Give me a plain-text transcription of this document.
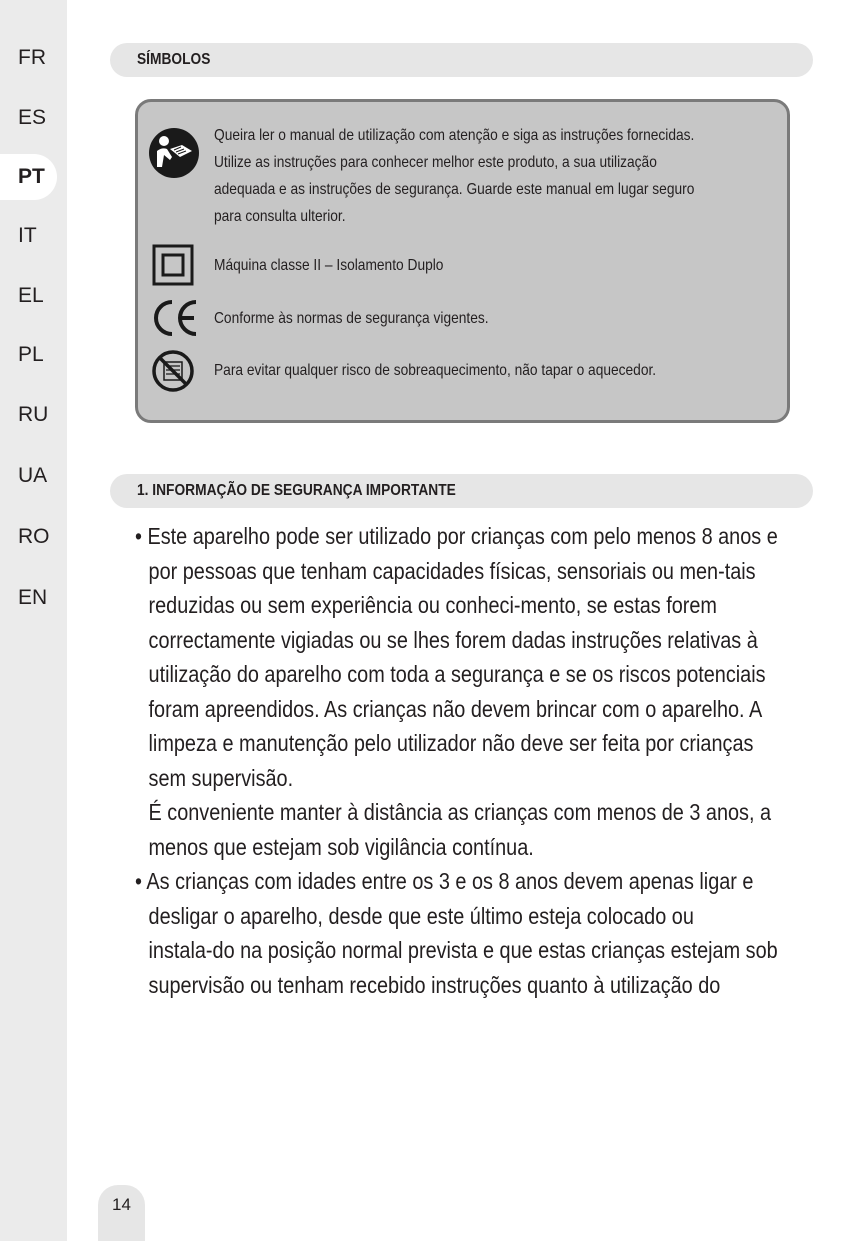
FR
ES
PT
IT
EL
PL
RU
UA
RO
EN
SÍMBOLOS
Queira ler o manual de utilização com atenção e siga as instruções fornecidas.
Utilize as instruções para conhecer melhor este produto, a sua utilização
adequada e as instruções de segurança. Guarde este manual em lugar seguro
para consulta ulterior.
Máquina classe II – Isolamento Duplo
Conforme às normas de segurança vigentes.
Para evitar qualquer risco de sobreaquecimento, não tapar o aquecedor.
1. INFORMAÇÃO DE SEGURANÇA IMPORTANTE
• Este aparelho pode ser utilizado por crianças com pelo menos 8 anos e
por pessoas que tenham capacidades físicas, sensoriais ou men-tais
reduzidas ou sem experiência ou conheci-mento, se estas forem
correctamente vigiadas ou se lhes forem dadas instruções relativas à
utilização do aparelho com toda a segurança e se os riscos potenciais
foram apreendidos. As crianças não devem brincar com o aparelho. A
limpeza e manutenção pelo utilizador não deve ser feita por crianças
sem supervisão.
É conveniente manter à distância as crianças com menos de 3 anos, a
menos que estejam sob vigilância contínua.
• As crianças com idades entre os 3 e os 8 anos devem apenas ligar e
desligar o aparelho, desde que este último esteja colocado ou
instala-do na posição normal prevista e que estas crianças estejam sob
supervisão ou tenham recebido instruções quanto à utilização do
14
